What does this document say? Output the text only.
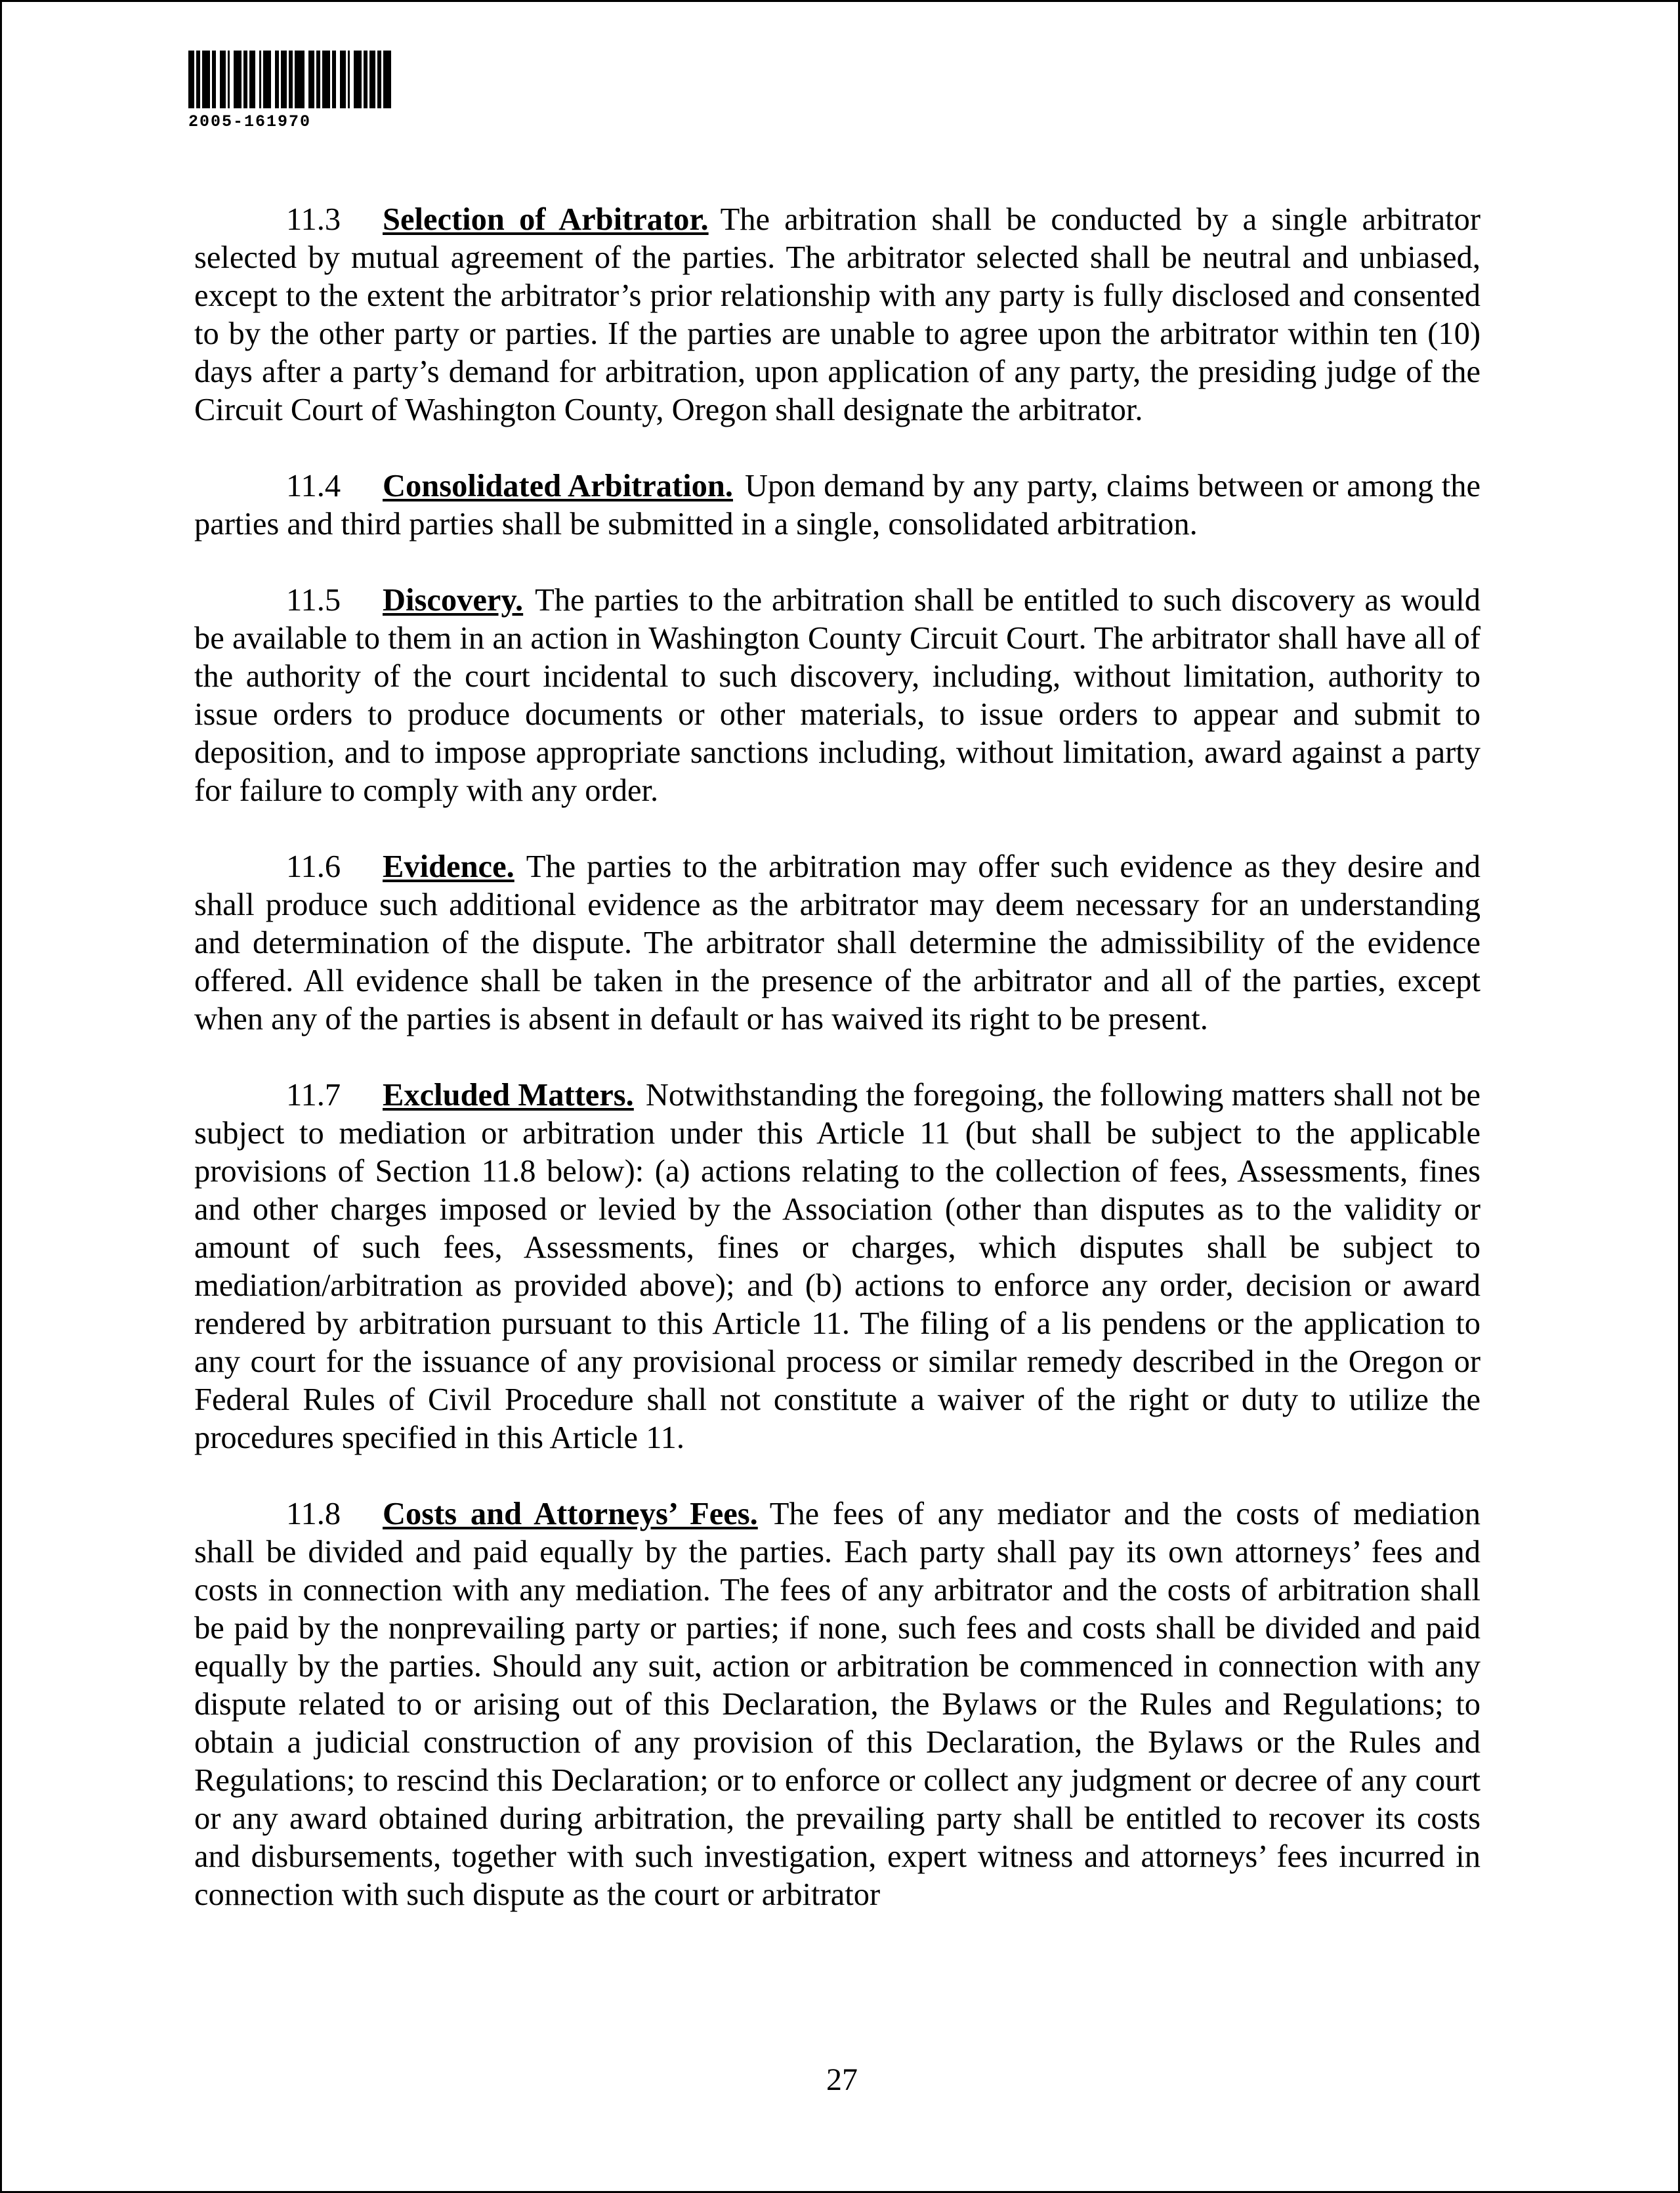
2005-161970

11.3 Selection of Arbitrator. The arbitration shall be conducted by a single arbitrator selected by mutual agreement of the parties. The arbitrator selected shall be neutral and unbiased, except to the extent the arbitrator’s prior relationship with any party is fully disclosed and consented to by the other party or parties. If the parties are unable to agree upon the arbitrator within ten (10) days after a party’s demand for arbitration, upon application of any party, the presiding judge of the Circuit Court of Washington County, Oregon shall designate the arbitrator.

11.4 Consolidated Arbitration. Upon demand by any party, claims between or among the parties and third parties shall be submitted in a single, consolidated arbitration.

11.5 Discovery. The parties to the arbitration shall be entitled to such discovery as would be available to them in an action in Washington County Circuit Court. The arbitrator shall have all of the authority of the court incidental to such discovery, including, without limitation, authority to issue orders to produce documents or other materials, to issue orders to appear and submit to deposition, and to impose appropriate sanctions including, without limitation, award against a party for failure to comply with any order.

11.6 Evidence. The parties to the arbitration may offer such evidence as they desire and shall produce such additional evidence as the arbitrator may deem necessary for an understanding and determination of the dispute. The arbitrator shall determine the admissibility of the evidence offered. All evidence shall be taken in the presence of the arbitrator and all of the parties, except when any of the parties is absent in default or has waived its right to be present.

11.7 Excluded Matters. Notwithstanding the foregoing, the following matters shall not be subject to mediation or arbitration under this Article 11 (but shall be subject to the applicable provisions of Section 11.8 below): (a) actions relating to the collection of fees, Assessments, fines and other charges imposed or levied by the Association (other than disputes as to the validity or amount of such fees, Assessments, fines or charges, which disputes shall be subject to mediation/arbitration as provided above); and (b) actions to enforce any order, decision or award rendered by arbitration pursuant to this Article 11. The filing of a lis pendens or the application to any court for the issuance of any provisional process or similar remedy described in the Oregon or Federal Rules of Civil Procedure shall not constitute a waiver of the right or duty to utilize the procedures specified in this Article 11.

11.8 Costs and Attorneys’ Fees. The fees of any mediator and the costs of mediation shall be divided and paid equally by the parties. Each party shall pay its own attorneys’ fees and costs in connection with any mediation. The fees of any arbitrator and the costs of arbitration shall be paid by the nonprevailing party or parties; if none, such fees and costs shall be divided and paid equally by the parties. Should any suit, action or arbitration be commenced in connection with any dispute related to or arising out of this Declaration, the Bylaws or the Rules and Regulations; to obtain a judicial construction of any provision of this Declaration, the Bylaws or the Rules and Regulations; to rescind this Declaration; or to enforce or collect any judgment or decree of any court or any award obtained during arbitration, the prevailing party shall be entitled to recover its costs and disbursements, together with such investigation, expert witness and attorneys’ fees incurred in connection with such dispute as the court or arbitrator

27
